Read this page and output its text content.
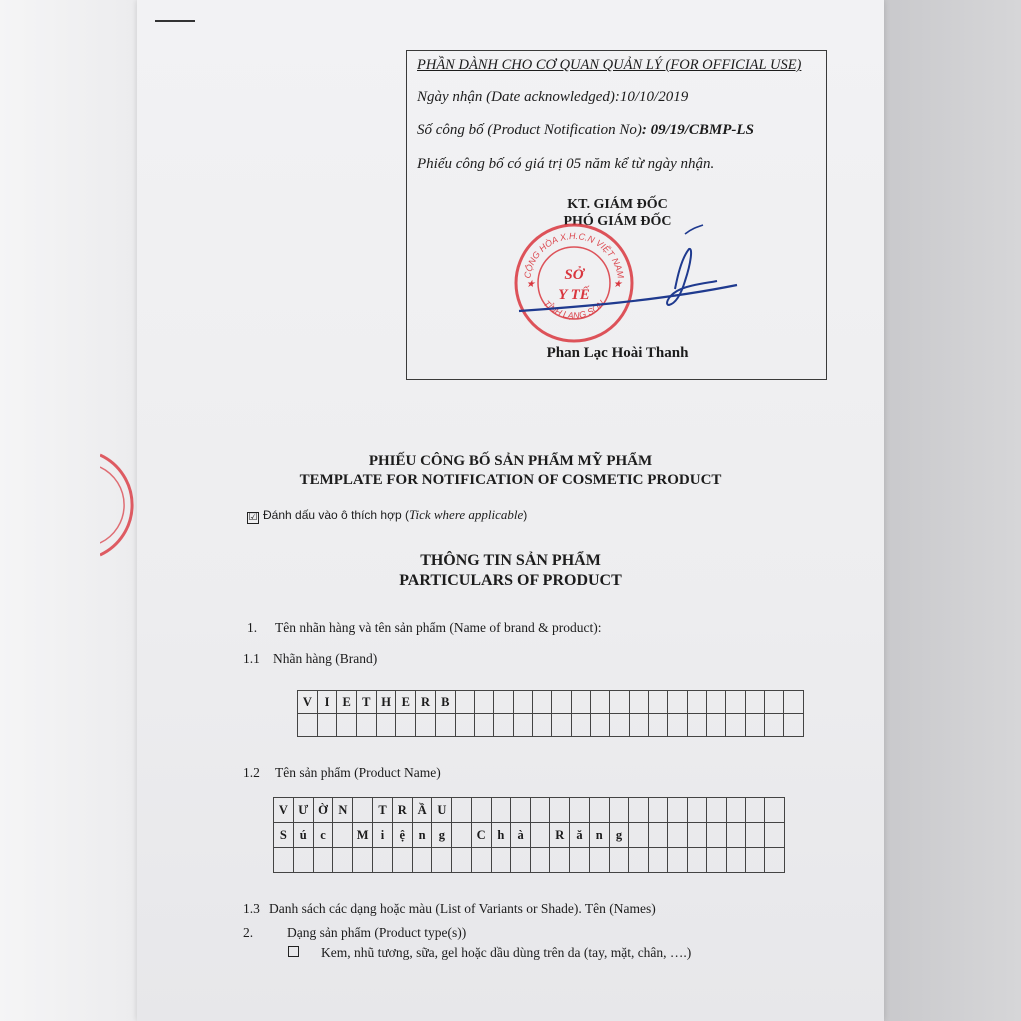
PHẦN DÀNH CHO CƠ QUAN QUẢN LÝ (FOR OFFICIAL USE)
Ngày nhận (Date acknowledged):10/10/2019
Số công bố (Product Notification No): 09/19/CBMP-LS
Phiếu công bố có giá trị 05 năm kể từ ngày nhận.
KT. GIÁM ĐỐC
PHÓ GIÁM ĐỐC
CỘNG HÒA X.H.C.N VIỆT NAM
TỈNH LẠNG SƠN
SỞ
Y TẾ
★	★
Phan Lạc Hoài Thanh
PHIẾU CÔNG BỐ SẢN PHẨM MỸ PHẨM
TEMPLATE FOR NOTIFICATION OF COSMETIC PRODUCT
☑ Đánh dấu vào ô thích hợp (Tick where applicable)
THÔNG TIN SẢN PHẨM
PARTICULARS OF PRODUCT
1. Tên nhãn hàng và tên sản phẩm (Name of brand & product):
1.1 Nhãn hàng (Brand)
V	I	E	T	H	E	R	B																		

1.2 Tên sản phẩm (Product Name)
V	Ư	Ờ	N		T	R	Ầ	U																	
S	ú	c		M	i	ệ	n	g		C	h	à		R	ă	n	g								

1.3 Danh sách các dạng hoặc màu (List of Variants or Shade). Tên (Names)
2.	Dạng sản phẩm (Product type(s))
Kem, nhũ tương, sữa, gel hoặc dầu dùng trên da (tay, mặt, chân, ….)
